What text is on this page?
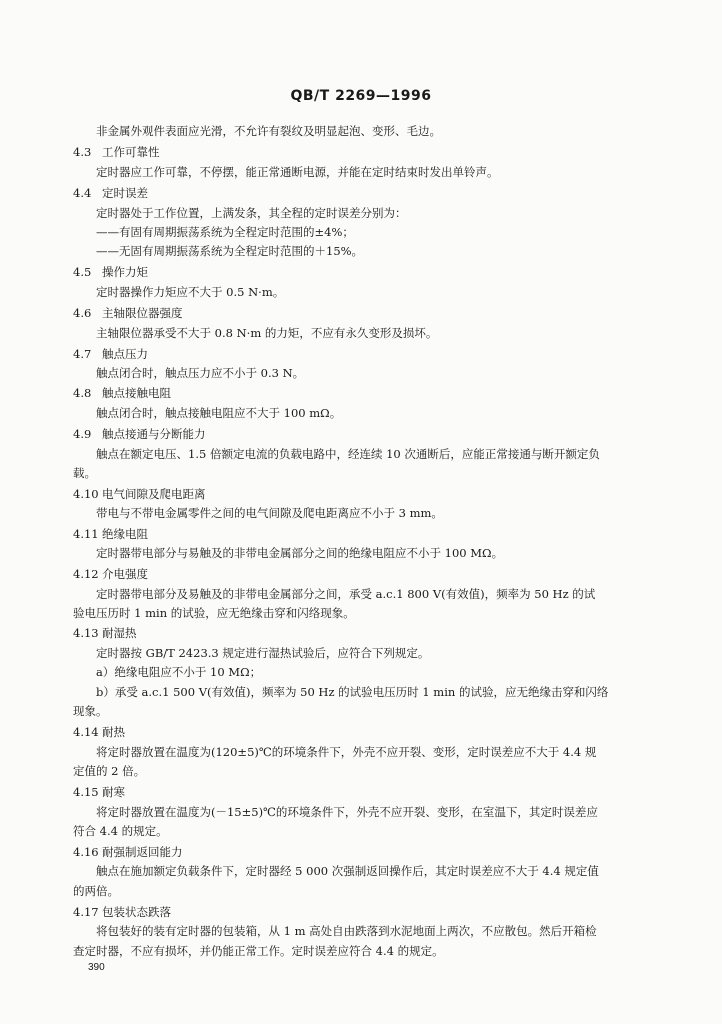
QB/T 2269—1996
非金属外观件表面应光滑，不允许有裂纹及明显起泡、变形、毛边。
4.3 工作可靠性
定时器应工作可靠，不停摆，能正常通断电源，并能在定时结束时发出单铃声。
4.4 定时误差
定时器处于工作位置，上满发条，其全程的定时误差分别为：
——有固有周期振荡系统为全程定时范围的±4%；
——无固有周期振荡系统为全程定时范围的＋15%。
4.5 操作力矩
定时器操作力矩应不大于 0.5 N·m。
4.6 主轴限位器强度
主轴限位器承受不大于 0.8 N·m 的力矩，不应有永久变形及损坏。
4.7 触点压力
触点闭合时，触点压力应不小于 0.3 N。
4.8 触点接触电阻
触点闭合时，触点接触电阻应不大于 100 mΩ。
4.9 触点接通与分断能力
触点在额定电压、1.5 倍额定电流的负载电路中，经连续 10 次通断后，应能正常接通与断开额定负
载。
4.10 电气间隙及爬电距离
带电与不带电金属零件之间的电气间隙及爬电距离应不小于 3 mm。
4.11 绝缘电阻
定时器带电部分与易触及的非带电金属部分之间的绝缘电阻应不小于 100 MΩ。
4.12 介电强度
定时器带电部分及易触及的非带电金属部分之间，承受 a.c.1 800 V(有效值)，频率为 50 Hz 的试
验电压历时 1 min 的试验，应无绝缘击穿和闪络现象。
4.13 耐湿热
定时器按 GB/T 2423.3 规定进行湿热试验后，应符合下列规定。
a）绝缘电阻应不小于 10 MΩ；
b）承受 a.c.1 500 V(有效值)，频率为 50 Hz 的试验电压历时 1 min 的试验，应无绝缘击穿和闪络
现象。
4.14 耐热
将定时器放置在温度为(120±5)℃的环境条件下，外壳不应开裂、变形，定时误差应不大于 4.4 规
定值的 2 倍。
4.15 耐寒
将定时器放置在温度为(－15±5)℃的环境条件下，外壳不应开裂、变形，在室温下，其定时误差应
符合 4.4 的规定。
4.16 耐强制返回能力
触点在施加额定负载条件下，定时器经 5 000 次强制返回操作后，其定时误差应不大于 4.4 规定值
的两倍。
4.17 包装状态跌落
将包装好的装有定时器的包装箱，从 1 m 高处自由跌落到水泥地面上两次，不应散包。然后开箱检
查定时器，不应有损坏，并仍能正常工作。定时误差应符合 4.4 的规定。
390
